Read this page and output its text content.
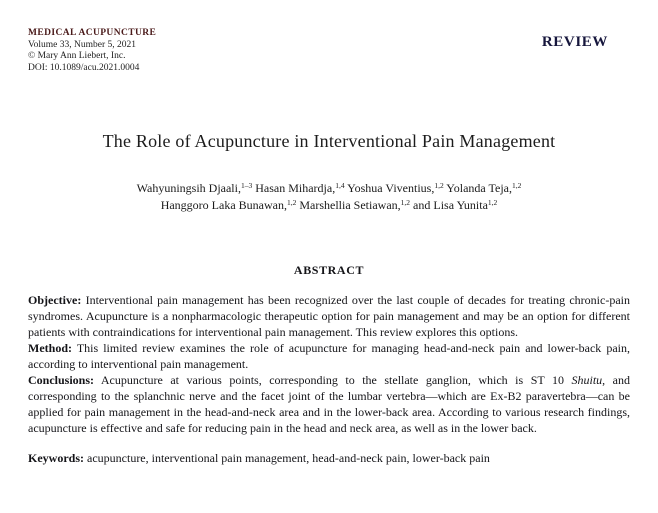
MEDICAL ACUPUNCTURE
Volume 33, Number 5, 2021
© Mary Ann Liebert, Inc.
DOI: 10.1089/acu.2021.0004
REVIEW
The Role of Acupuncture in Interventional Pain Management
Wahyuningsih Djaali,$^{1-3}$ Hasan Mihardja,$^{1,4}$ Yoshua Viventius,$^{1,2}$ Yolanda Teja,$^{1,2}$
Hanggoro Laka Bunawan,$^{1,2}$ Marshellia Setiawan,$^{1,2}$ and Lisa Yunita$^{1,2}$
ABSTRACT

Objective: Interventional pain management has been recognized over the last couple of decades for treating chronic-pain syndromes. Acupuncture is a nonpharmacologic therapeutic option for pain management and may be an option for different patients with contraindications for interventional pain management. This review explores this options.

Method: This limited review examines the role of acupuncture for managing head-and-neck pain and lower-back pain, according to interventional pain management.

Conclusions: Acupuncture at various points, corresponding to the stellate ganglion, which is ST 10 Shuitu, and corresponding to the splanchnic nerve and the facet joint of the lumbar vertebra—which are Ex-B2 paravertebra—can be applied for pain management in the head-and-neck area and in the lower-back area. According to various research findings, acupuncture is effective and safe for reducing pain in the head and neck area, as well as in the lower back.

Keywords: acupuncture, interventional pain management, head-and-neck pain, lower-back pain
